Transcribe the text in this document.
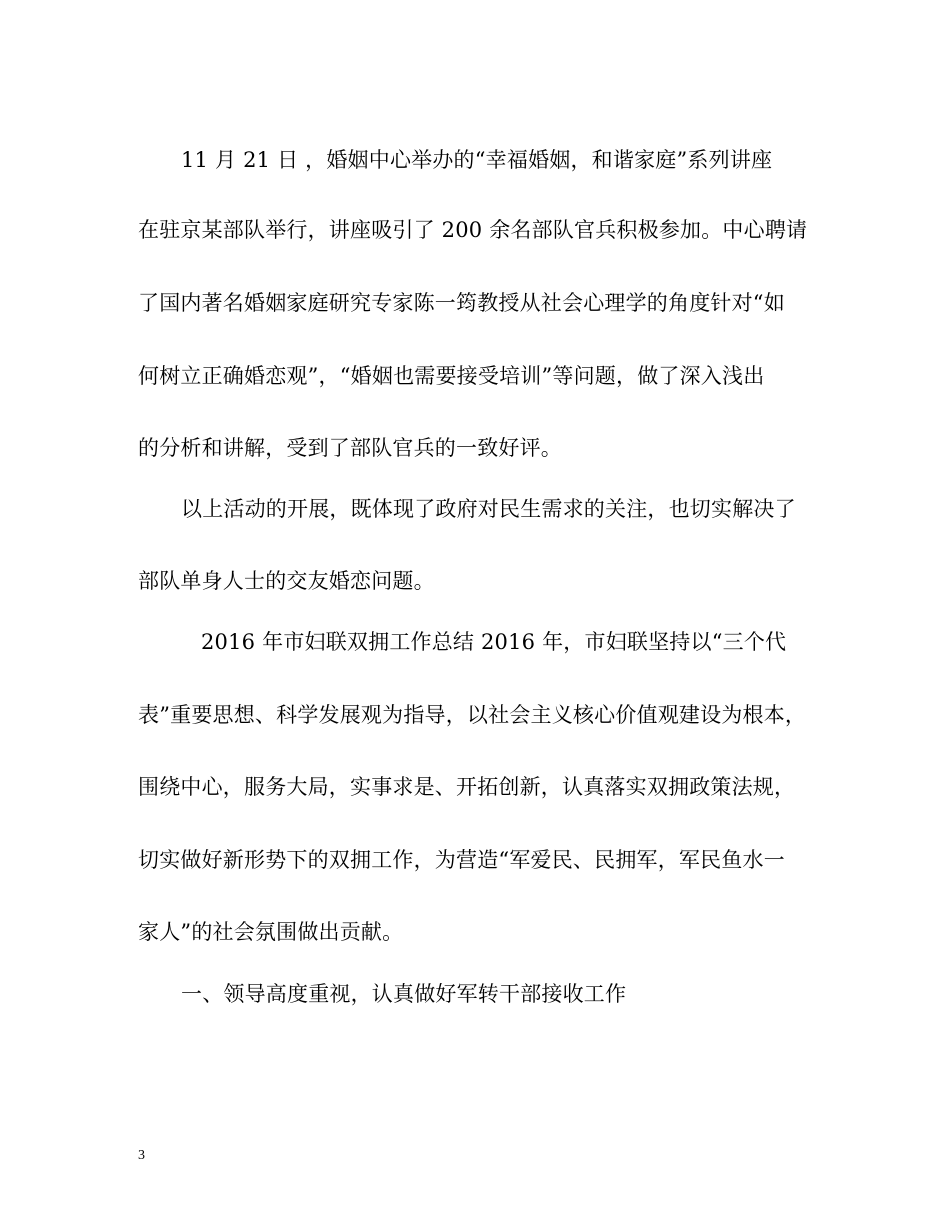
11 月 21 日 ，婚姻中心举办的“幸福婚姻，和谐家庭”系列讲座
在驻京某部队举行，讲座吸引了 200 余名部队官兵积极参加。中心聘请
了国内著名婚姻家庭研究专家陈一筠教授从社会心理学的角度针对“如
何树立正确婚恋观”，“婚姻也需要接受培训”等问题，做了深入浅出
的分析和讲解，受到了部队官兵的一致好评。
以上活动的开展，既体现了政府对民生需求的关注，也切实解决了
部队单身人士的交友婚恋问题。
2016 年市妇联双拥工作总结 2016 年，市妇联坚持以“三个代
表”重要思想、科学发展观为指导，以社会主义核心价值观建设为根本，
围绕中心，服务大局，实事求是、开拓创新，认真落实双拥政策法规，
切实做好新形势下的双拥工作，为营造“军爱民、民拥军，军民鱼水一
家人”的社会氛围做出贡献。
一、领导高度重视，认真做好军转干部接收工作
3
